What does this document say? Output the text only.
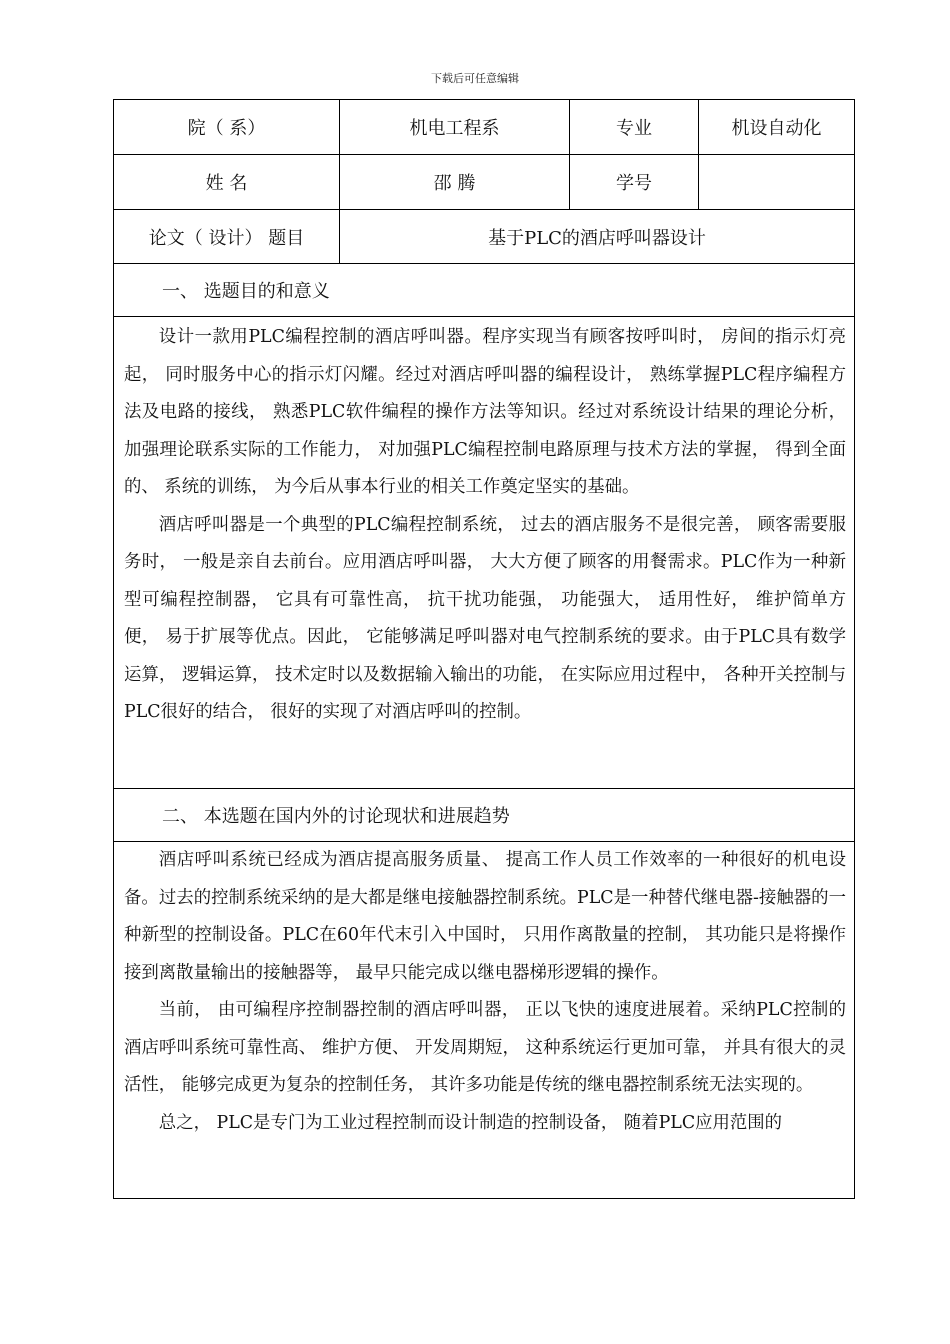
下载后可任意编辑
院（ 系）	机电工程系	专业	机设自动化
姓 名	邵 腾	学号
论文（ 设计） 题目	基于PLC的酒店呼叫器设计
一、 选题目的和意义

设计一款用PLC编程控制的酒店呼叫器。程序实现当有顾客按呼叫时， 房间的指示灯亮起， 同时服务中心的指示灯闪耀。经过对酒店呼叫器的编程设计， 熟练掌握PLC程序编程方法及电路的接线， 熟悉PLC软件编程的操作方法等知识。经过对系统设计结果的理论分析， 加强理论联系实际的工作能力， 对加强PLC编程控制电路原理与技术方法的掌握， 得到全面的、 系统的训练， 为今后从事本行业的相关工作奠定坚实的基础。

酒店呼叫器是一个典型的PLC编程控制系统， 过去的酒店服务不是很完善， 顾客需要服务时， 一般是亲自去前台。应用酒店呼叫器， 大大方便了顾客的用餐需求。PLC作为一种新型可编程控制器， 它具有可靠性高， 抗干扰功能强， 功能强大， 适用性好， 维护简单方便， 易于扩展等优点。因此， 它能够满足呼叫器对电气控制系统的要求。由于PLC具有数学运算， 逻辑运算， 技术定时以及数据输入输出的功能， 在实际应用过程中， 各种开关控制与PLC很好的结合， 很好的实现了对酒店呼叫的控制。

二、 本选题在国内外的讨论现状和进展趋势

酒店呼叫系统已经成为酒店提高服务质量、 提高工作人员工作效率的一种很好的机电设备。过去的控制系统采纳的是大都是继电接触器控制系统。PLC是一种替代继电器-接触器的一种新型的控制设备。PLC在60年代末引入中国时， 只用作离散量的控制， 其功能只是将操作接到离散量输出的接触器等， 最早只能完成以继电器梯形逻辑的操作。

当前， 由可编程序控制器控制的酒店呼叫器， 正以飞快的速度进展着。采纳PLC控制的酒店呼叫系统可靠性高、 维护方便、 开发周期短， 这种系统运行更加可靠， 并具有很大的灵活性， 能够完成更为复杂的控制任务， 其许多功能是传统的继电器控制系统无法实现的。

总之， PLC是专门为工业过程控制而设计制造的控制设备， 随着PLC应用范围的
